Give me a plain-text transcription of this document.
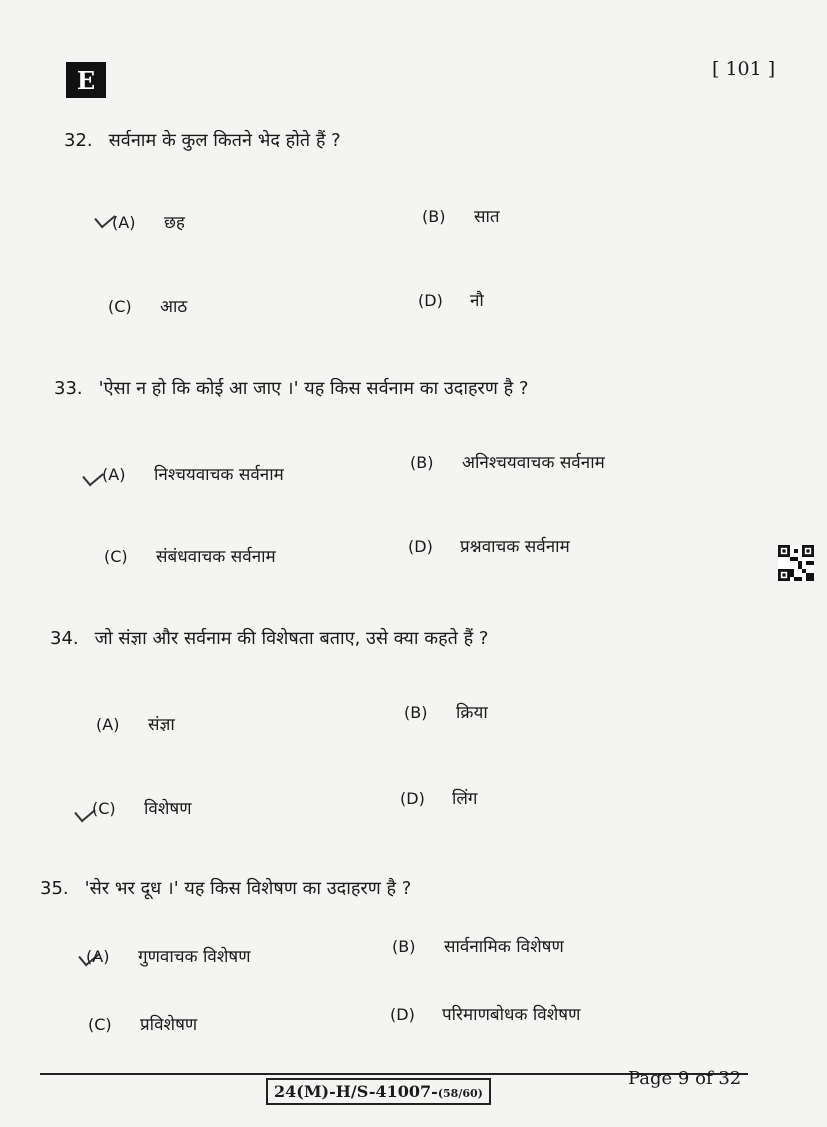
E	[ 101 ]
32. सर्वनाम के कुल कितने भेद होते हैं ?
(A) छह	(B) सात
(C) आठ	(D) नौ
33. 'ऐसा न हो कि कोई आ जाए ।' यह किस सर्वनाम का उदाहरण है ?
(A) निश्चयवाचक सर्वनाम
(B) अनिश्चयवाचक सर्वनाम
(C) संबंधवाचक सर्वनाम
(D) प्रश्नवाचक सर्वनाम
34. जो संज्ञा और सर्वनाम की विशेषता बताए, उसे क्या कहते हैं ?
(A) संज्ञा
(B) क्रिया
(C) विशेषण
(D) लिंग
35. 'सेर भर दूध ।' यह किस विशेषण का उदाहरण है ?
(A) गुणवाचक विशेषण
(B) सार्वनामिक विशेषण
(C) प्रविशेषण
(D) परिमाणबोधक विशेषण
24(M)-H/S-41007-(58/60)
Page 9 of 32
